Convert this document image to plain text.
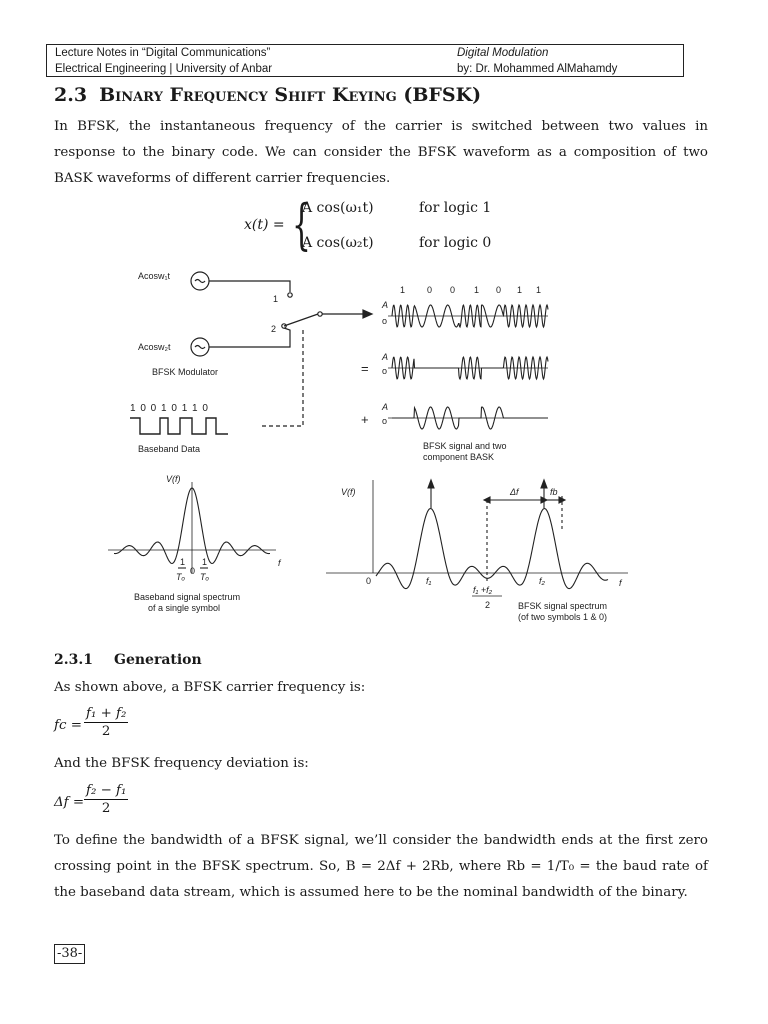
Lecture Notes in “Digital Communications”	Digital Modulation
Electrical Engineering | University of Anbar	by: Dr. Mohammed AlMahamdy
2.3 Binary Frequency Shift Keying (BFSK)
In BFSK, the instantaneous frequency of the carrier is switched between two values in response to the binary code. We can consider the BFSK waveform as a composition of two BASK waveforms of different carrier frequencies.
x(t) = {
A cos(ω₁t)	for logic 1
A cos(ω₂t)	for logic 0
Acosw₁t
Acosw₂t
1
2
BFSK Modulator
1 0 0 1 0 1 1 0
Baseband Data
1 0 0 1 0 1 1
A
o
A
o
A
o
=
+
BFSK signal and two
component BASK
V(f)
f
1
Tₒ
0
1
Tₒ
Baseband signal spectrum
of a single symbol
V(f)
f
0	f₁	f₂
f₁ +f₂
2
Δf	fb
BFSK signal spectrum
(of two symbols 1 & 0)
2.3.1 Generation
As shown above, a BFSK carrier frequency is:
fc =
f₁ + f₂
2
And the BFSK frequency deviation is:
Δf =
f₂ − f₁
2
To define the bandwidth of a BFSK signal, we’ll consider the bandwidth ends at the first zero crossing point in the BFSK spectrum. So, B = 2Δf + 2Rb, where Rb = 1/T₀ = the baud rate of the baseband data stream, which is assumed here to be the nominal bandwidth of the binary.
-38-
